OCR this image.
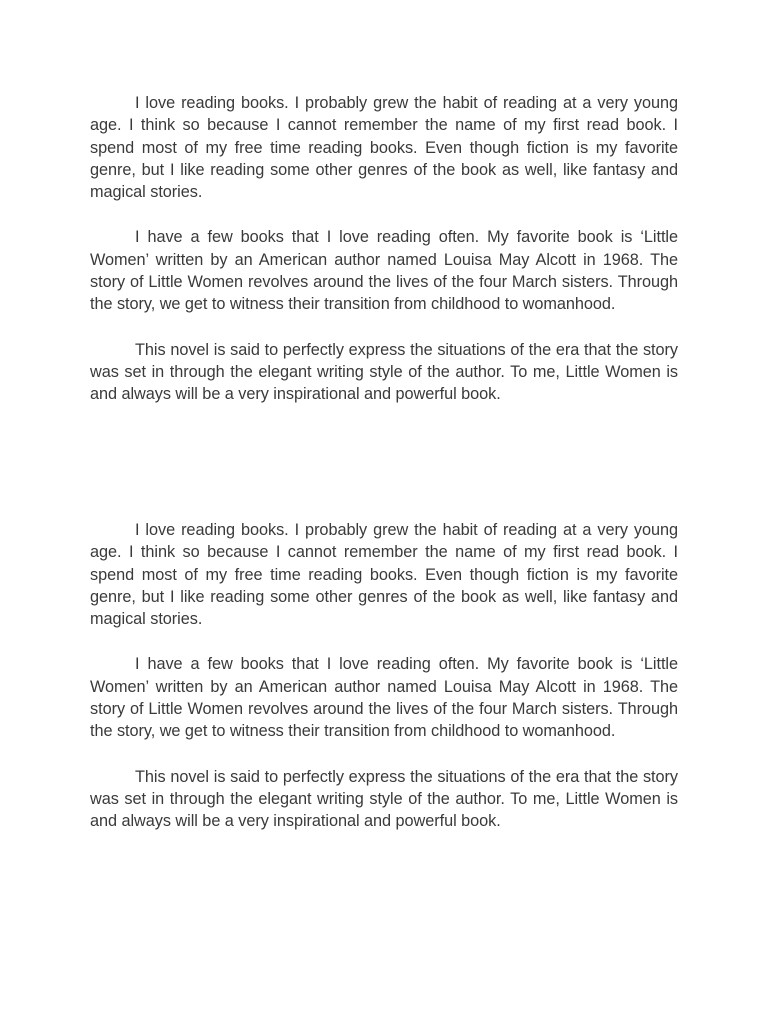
I love reading books. I probably grew the habit of reading at a very young age. I think so because I cannot remember the name of my first read book. I spend most of my free time reading books. Even though fiction is my favorite genre, but I like reading some other genres of the book as well, like fantasy and magical stories.

I have a few books that I love reading often. My favorite book is ‘Little Women’ written by an American author named Louisa May Alcott in 1968. The story of Little Women revolves around the lives of the four March sisters. Through the story, we get to witness their transition from childhood to womanhood.

This novel is said to perfectly express the situations of the era that the story was set in through the elegant writing style of the author. To me, Little Women is and always will be a very inspirational and powerful book.

I love reading books. I probably grew the habit of reading at a very young age. I think so because I cannot remember the name of my first read book. I spend most of my free time reading books. Even though fiction is my favorite genre, but I like reading some other genres of the book as well, like fantasy and magical stories.

I have a few books that I love reading often. My favorite book is ‘Little Women’ written by an American author named Louisa May Alcott in 1968. The story of Little Women revolves around the lives of the four March sisters. Through the story, we get to witness their transition from childhood to womanhood.

This novel is said to perfectly express the situations of the era that the story was set in through the elegant writing style of the author. To me, Little Women is and always will be a very inspirational and powerful book.
